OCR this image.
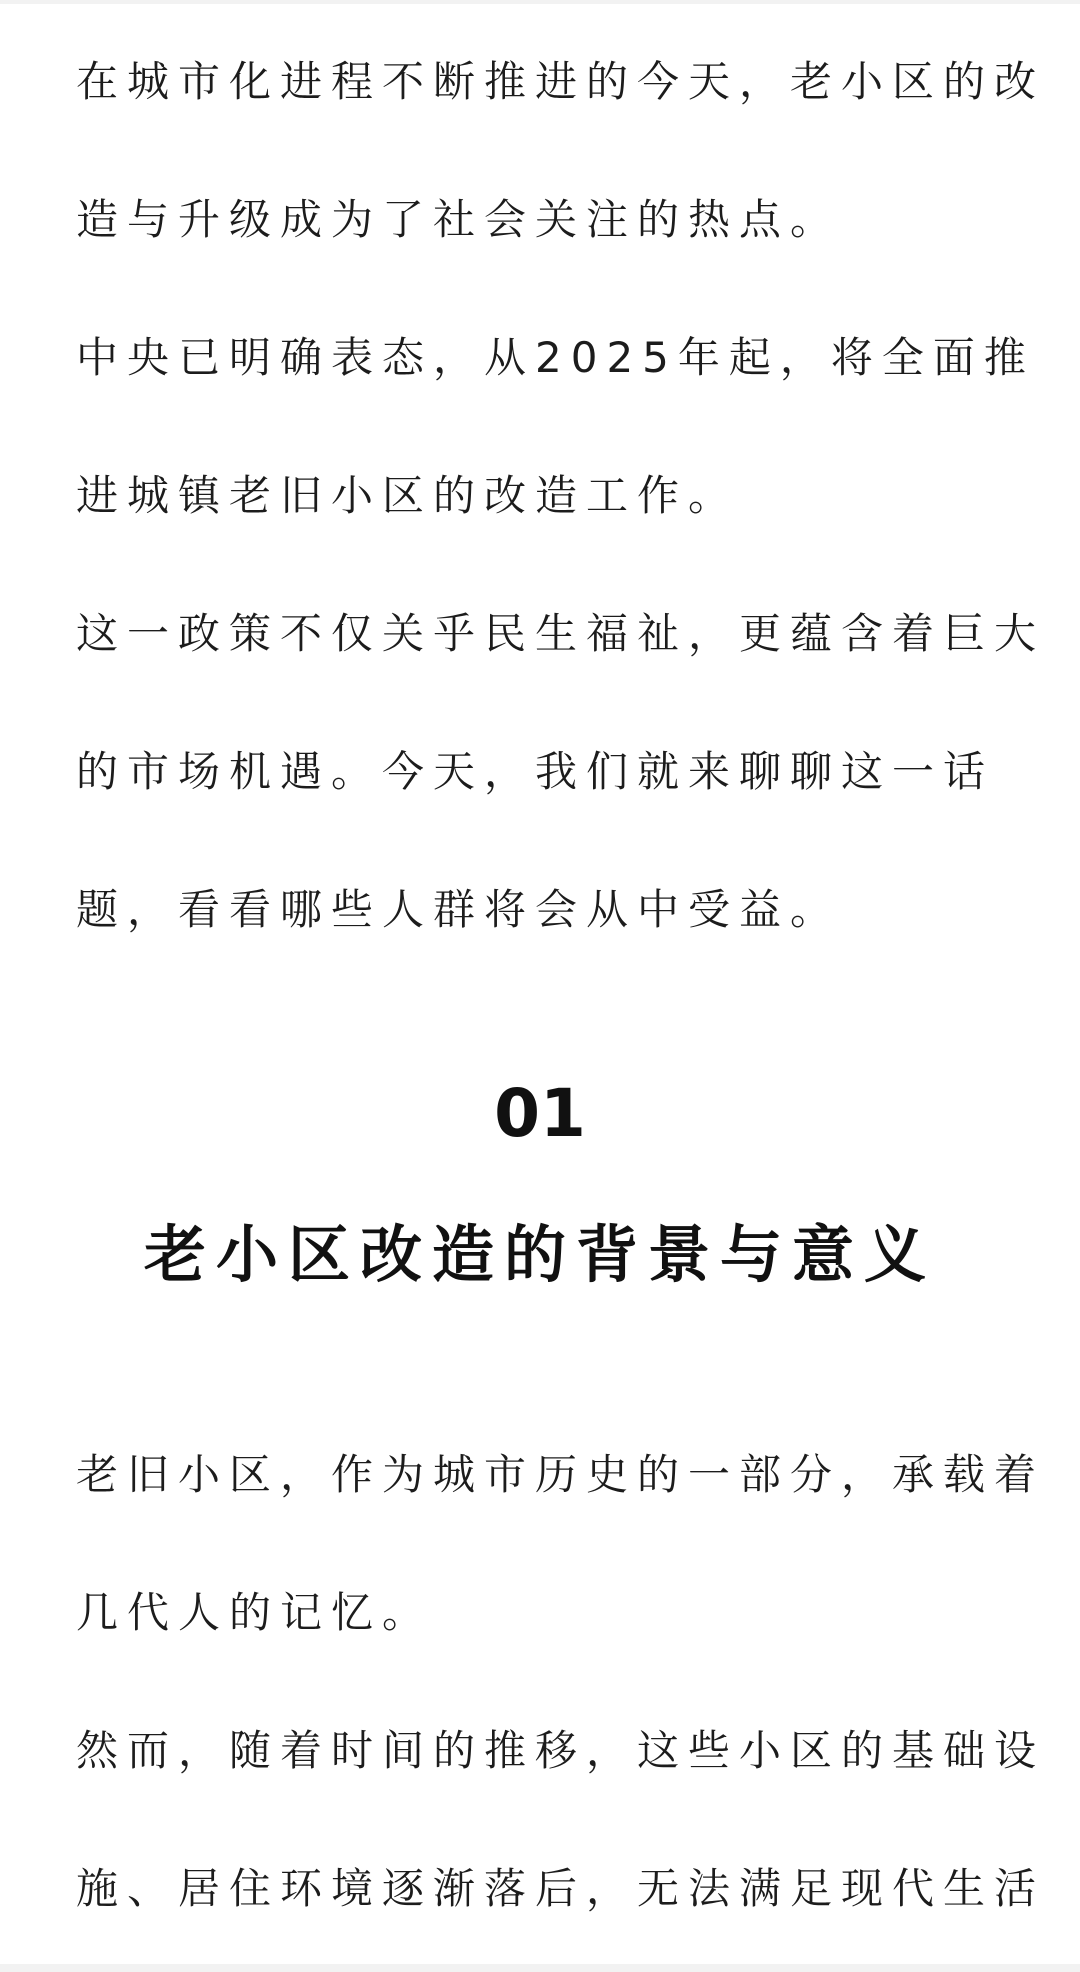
在城市化进程不断推进的今天，老小区的改
造与升级成为了社会关注的热点。
中央已明确表态，从2025年起，将全面推
进城镇老旧小区的改造工作。
这一政策不仅关乎民生福祉，更蕴含着巨大
的市场机遇。今天，我们就来聊聊这一话
题，看看哪些人群将会从中受益。
01
老小区改造的背景与意义
老旧小区，作为城市历史的一部分，承载着
几代人的记忆。
然而，随着时间的推移，这些小区的基础设
施、居住环境逐渐落后，无法满足现代生活
